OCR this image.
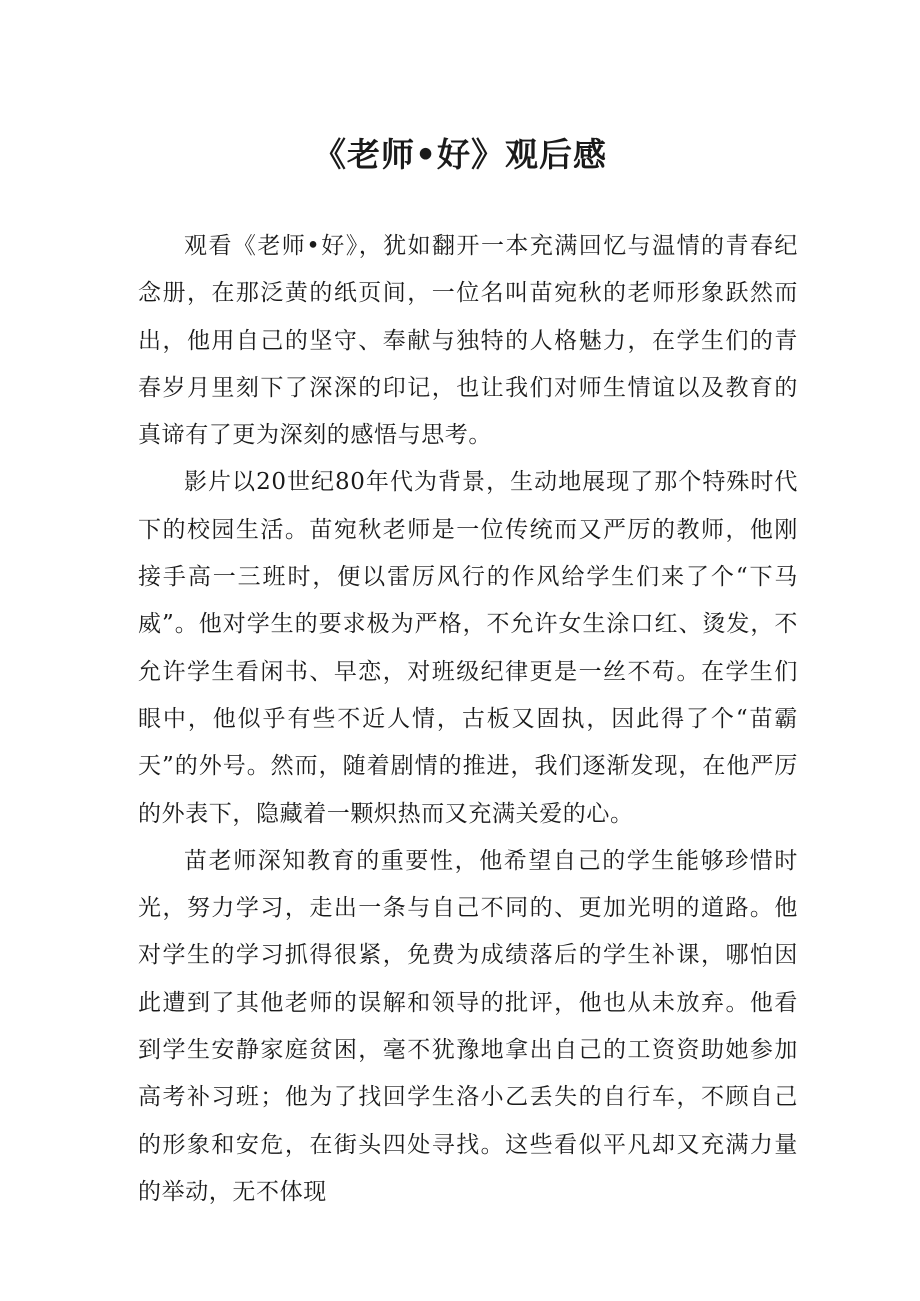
《老师•好》观后感

观看《老师•好》，犹如翻开一本充满回忆与温情的青春纪念册，在那泛黄的纸页间，一位名叫苗宛秋的老师形象跃然而出，他用自己的坚守、奉献与独特的人格魅力，在学生们的青春岁月里刻下了深深的印记，也让我们对师生情谊以及教育的真谛有了更为深刻的感悟与思考。

影片以20世纪80年代为背景，生动地展现了那个特殊时代下的校园生活。苗宛秋老师是一位传统而又严厉的教师，他刚接手高一三班时，便以雷厉风行的作风给学生们来了个“下马威”。他对学生的要求极为严格，不允许女生涂口红、烫发，不允许学生看闲书、早恋，对班级纪律更是一丝不苟。在学生们眼中，他似乎有些不近人情，古板又固执，因此得了个“苗霸天”的外号。然而，随着剧情的推进，我们逐渐发现，在他严厉的外表下，隐藏着一颗炽热而又充满关爱的心。

苗老师深知教育的重要性，他希望自己的学生能够珍惜时光，努力学习，走出一条与自己不同的、更加光明的道路。他对学生的学习抓得很紧，免费为成绩落后的学生补课，哪怕因此遭到了其他老师的误解和领导的批评，他也从未放弃。他看到学生安静家庭贫困，毫不犹豫地拿出自己的工资资助她参加高考补习班；他为了找回学生洛小乙丢失的自行车，不顾自己的形象和安危，在街头四处寻找。这些看似平凡却又充满力量的举动，无不体现
